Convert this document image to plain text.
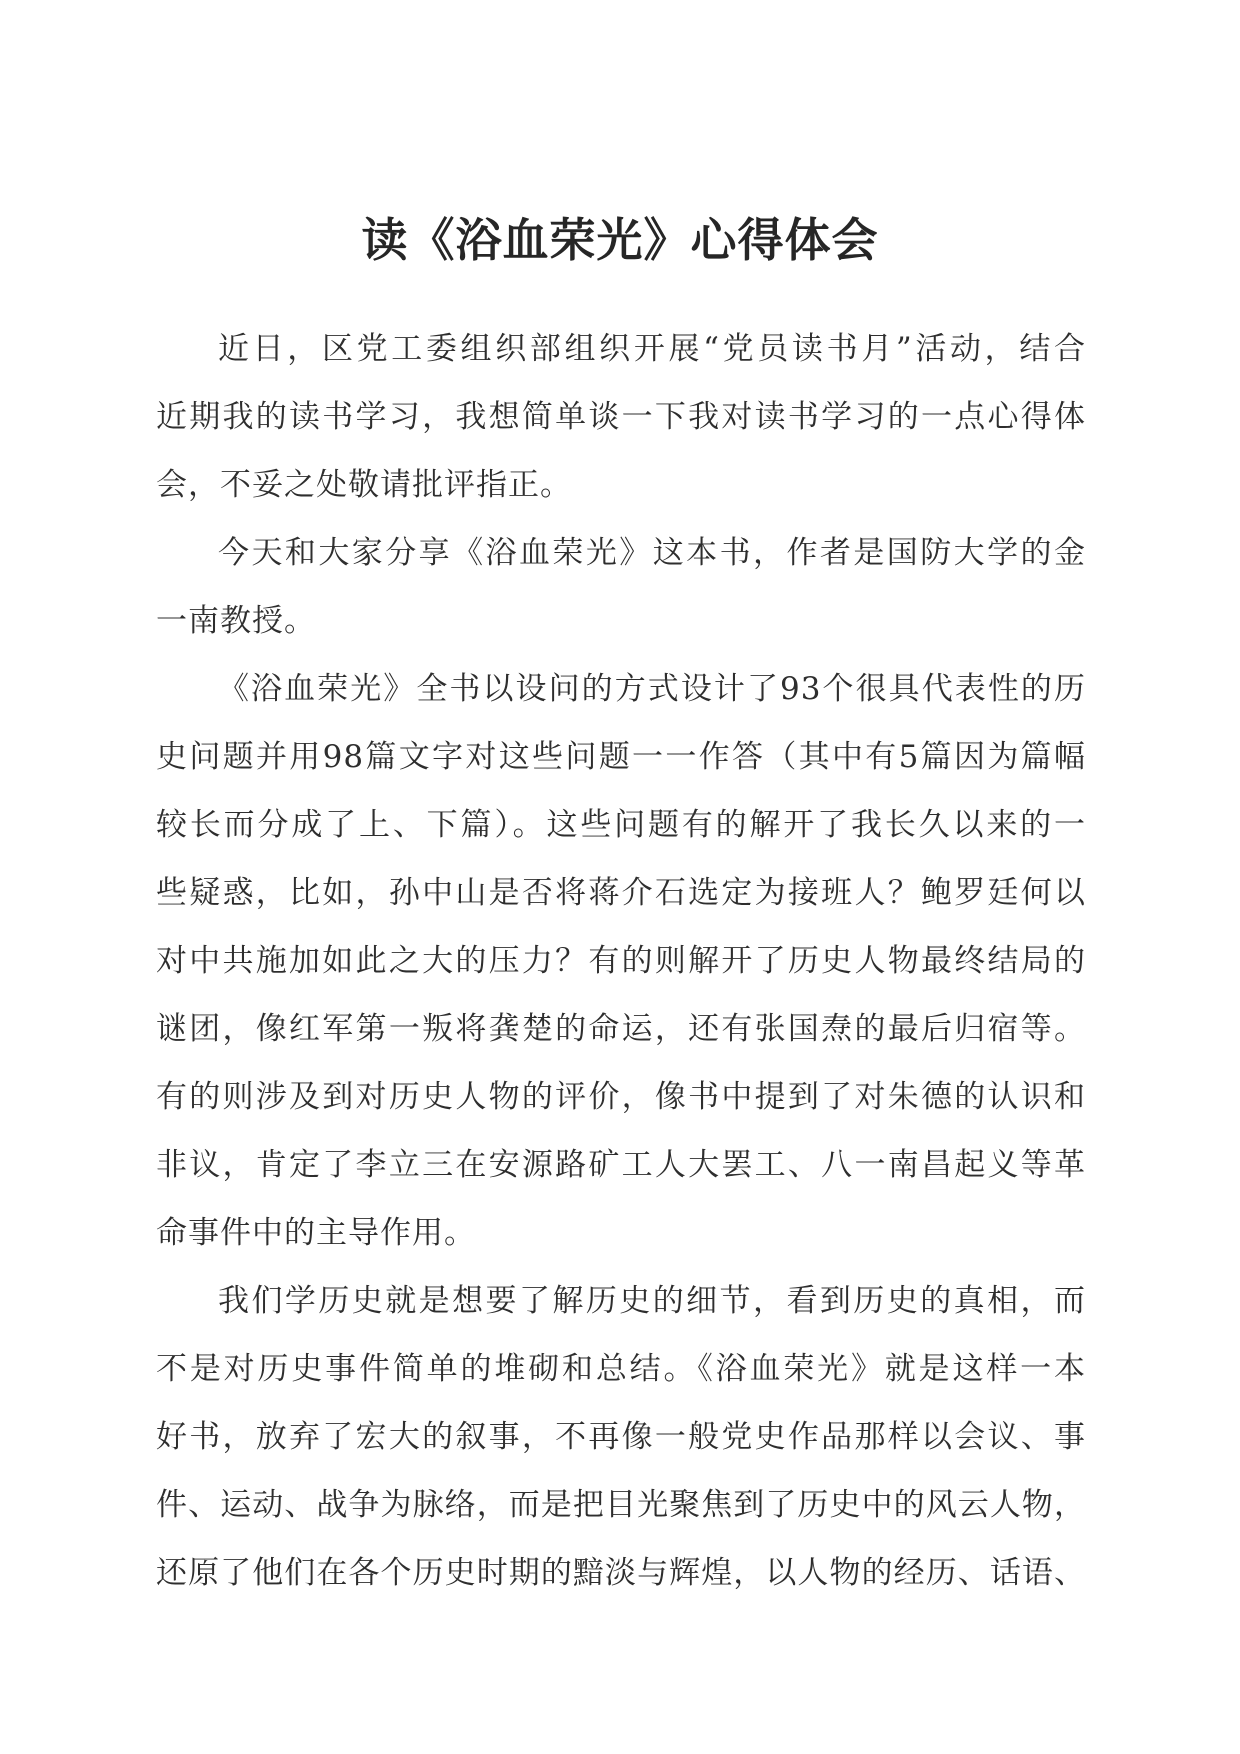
读《浴血荣光》心得体会
近日，区党工委组织部组织开展“党员读书月”活动，结合
近期我的读书学习，我想简单谈一下我对读书学习的一点心得体
会，不妥之处敬请批评指正。
今天和大家分享《浴血荣光》这本书，作者是国防大学的金
一南教授。
《浴血荣光》全书以设问的方式设计了93个很具代表性的历
史问题并用98篇文字对这些问题一一作答（其中有5篇因为篇幅
较长而分成了上、下篇）。这些问题有的解开了我长久以来的一
些疑惑，比如，孙中山是否将蒋介石选定为接班人？鲍罗廷何以
对中共施加如此之大的压力？有的则解开了历史人物最终结局的
谜团，像红军第一叛将龚楚的命运，还有张国焘的最后归宿等。
有的则涉及到对历史人物的评价，像书中提到了对朱德的认识和
非议，肯定了李立三在安源路矿工人大罢工、八一南昌起义等革
命事件中的主导作用。
我们学历史就是想要了解历史的细节，看到历史的真相，而
不是对历史事件简单的堆砌和总结。《浴血荣光》就是这样一本
好书，放弃了宏大的叙事，不再像一般党史作品那样以会议、事
件、运动、战争为脉络，而是把目光聚焦到了历史中的风云人物，
还原了他们在各个历史时期的黯淡与辉煌，以人物的经历、话语、
